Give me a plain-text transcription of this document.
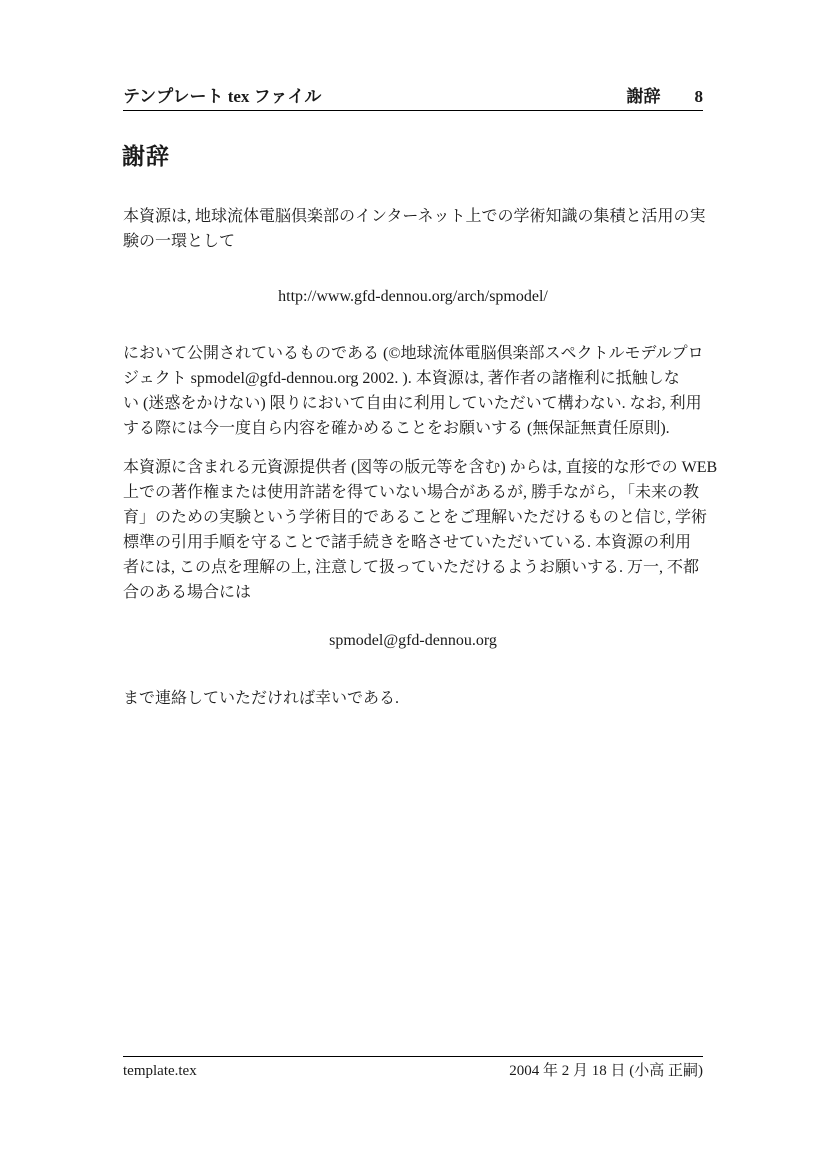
テンプレート tex ファイル	謝辞 8
謝辞
本資源は, 地球流体電脳倶楽部のインターネット上での学術知識の集積と活用の実
験の一環として
http://www.gfd-dennou.org/arch/spmodel/
において公開されているものである (©地球流体電脳倶楽部スペクトルモデルプロ
ジェクト spmodel@gfd-dennou.org 2002. ). 本資源は, 著作者の諸権利に抵触しな
い (迷惑をかけない) 限りにおいて自由に利用していただいて構わない. なお, 利用
する際には今一度自ら内容を確かめることをお願いする (無保証無責任原則).
本資源に含まれる元資源提供者 (図等の版元等を含む) からは, 直接的な形での WEB
上での著作権または使用許諾を得ていない場合があるが, 勝手ながら, 「未来の教
育」のための実験という学術目的であることをご理解いただけるものと信じ, 学術
標準の引用手順を守ることで諸手続きを略させていただいている. 本資源の利用
者には, この点を理解の上, 注意して扱っていただけるようお願いする. 万一, 不都
合のある場合には
spmodel@gfd-dennou.org
まで連絡していただければ幸いである.
template.tex	2004 年 2 月 18 日 (小高 正嗣)
